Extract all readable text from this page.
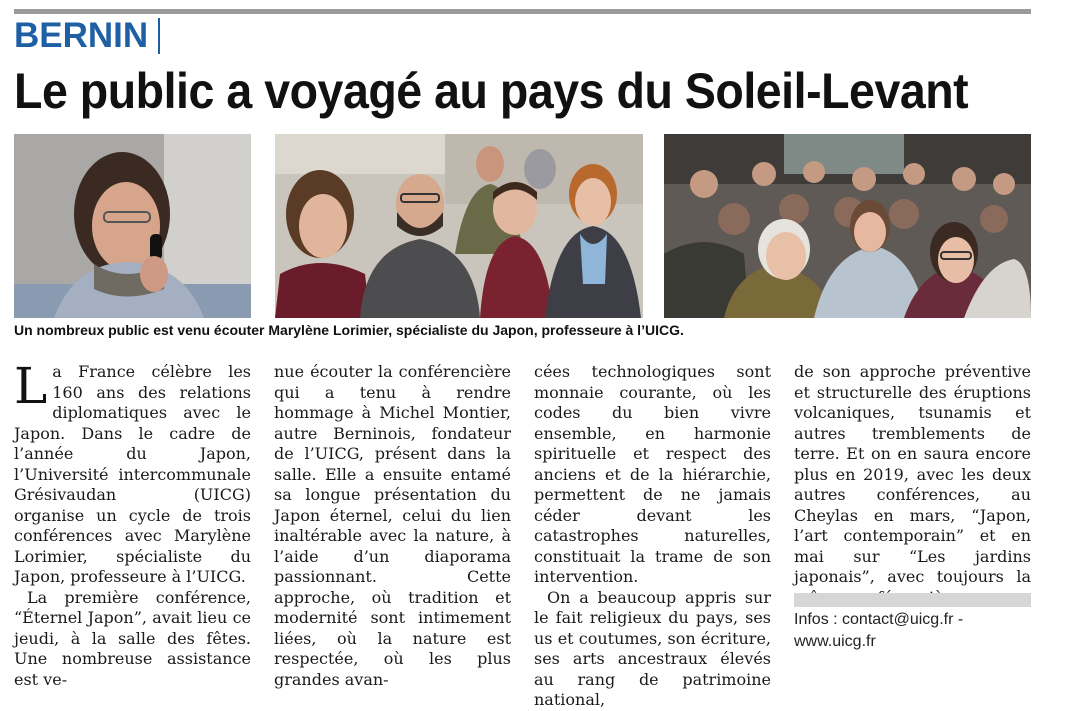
BERNIN
Le public a voyagé au pays du Soleil-Levant
Un nombreux public est venu écouter Marylène Lorimier, spécialiste du Japon, professeure à l’UICG.

La France célèbre les 160 ans des relations diplomatiques avec le Japon. Dans le cadre de l’année du Japon, l’Université intercommunale Grésivaudan (UICG) organise un cycle de trois conférences avec Marylène Lorimier, spécialiste du Japon, professeure à l’UICG.

La première conférence, “Éternel Japon”, avait lieu ce jeudi, à la salle des fêtes. Une nombreuse assistance est ve-

nue écouter la conférencière qui a tenu à rendre hommage à Michel Montier, autre Berninois, fondateur de l’UICG, présent dans la salle. Elle a ensuite entamé sa longue présentation du Japon éternel, celui du lien inaltérable avec la nature, à l’aide d’un diaporama passionnant. Cette approche, où tradition et modernité sont intimement liées, où la nature est respectée, où les plus grandes avan-

cées technologiques sont monnaie courante, où les codes du bien vivre ensemble, en harmonie spirituelle et respect des anciens et de la hiérarchie, permettent de ne jamais céder devant les catastrophes naturelles, constituait la trame de son intervention.

On a beaucoup appris sur le fait religieux du pays, ses us et coutumes, son écriture, ses arts ancestraux élevés au rang de patrimoine national,

de son approche préventive et structurelle des éruptions volcaniques, tsunamis et autres tremblements de terre. Et on en saura encore plus en 2019, avec les deux autres conférences, au Cheylas en mars, “Japon, l’art contemporain” et en mai sur “Les jardins japonais”, avec toujours la

Infos : contact@uicg.fr -
www.uicg.fr
